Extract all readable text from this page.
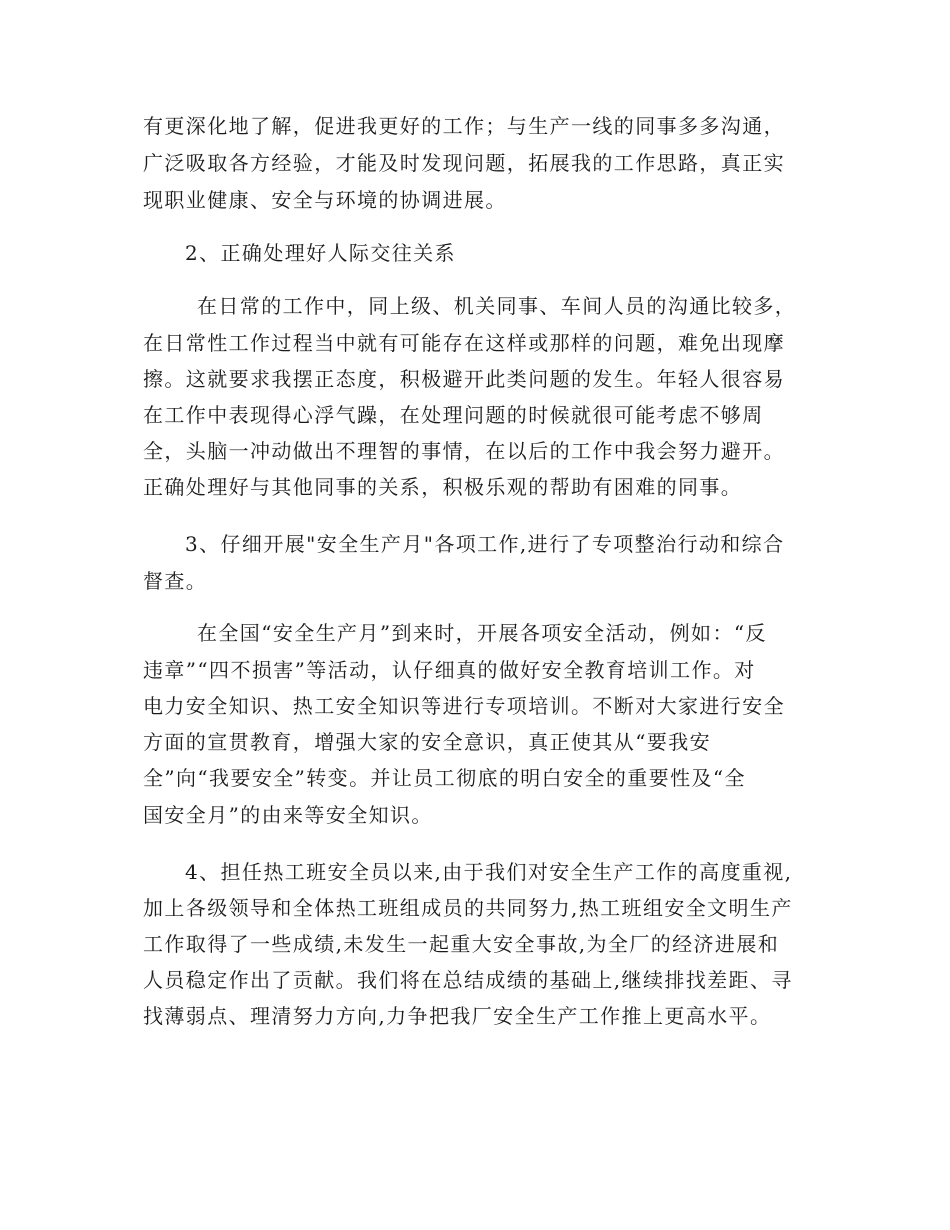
有更深化地了解，促进我更好的工作；与生产一线的同事多多沟通，
广泛吸取各方经验，才能及时发现问题，拓展我的工作思路，真正实
现职业健康、安全与环境的协调进展。
2、正确处理好人际交往关系
在日常的工作中，同上级、机关同事、车间人员的沟通比较多，
在日常性工作过程当中就有可能存在这样或那样的问题，难免出现摩
擦。这就要求我摆正态度，积极避开此类问题的发生。年轻人很容易
在工作中表现得心浮气躁，在处理问题的时候就很可能考虑不够周
全，头脑一冲动做出不理智的事情，在以后的工作中我会努力避开。
正确处理好与其他同事的关系，积极乐观的帮助有困难的同事。
3、仔细开展"安全生产月"各项工作,进行了专项整治行动和综合
督查。
在全国“安全生产月”到来时，开展各项安全活动，例如：“反
违章”“四不损害”等活动，认仔细真的做好安全教育培训工作。对
电力安全知识、热工安全知识等进行专项培训。不断对大家进行安全
方面的宣贯教育，增强大家的安全意识，真正使其从“要我安
全”向“我要安全”转变。并让员工彻底的明白安全的重要性及“全
国安全月”的由来等安全知识。
4、担任热工班安全员以来,由于我们对安全生产工作的高度重视,
加上各级领导和全体热工班组成员的共同努力,热工班组安全文明生产
工作取得了一些成绩,未发生一起重大安全事故,为全厂的经济进展和
人员稳定作出了贡献。我们将在总结成绩的基础上,继续排找差距、寻
找薄弱点、理清努力方向,力争把我厂安全生产工作推上更高水平。
